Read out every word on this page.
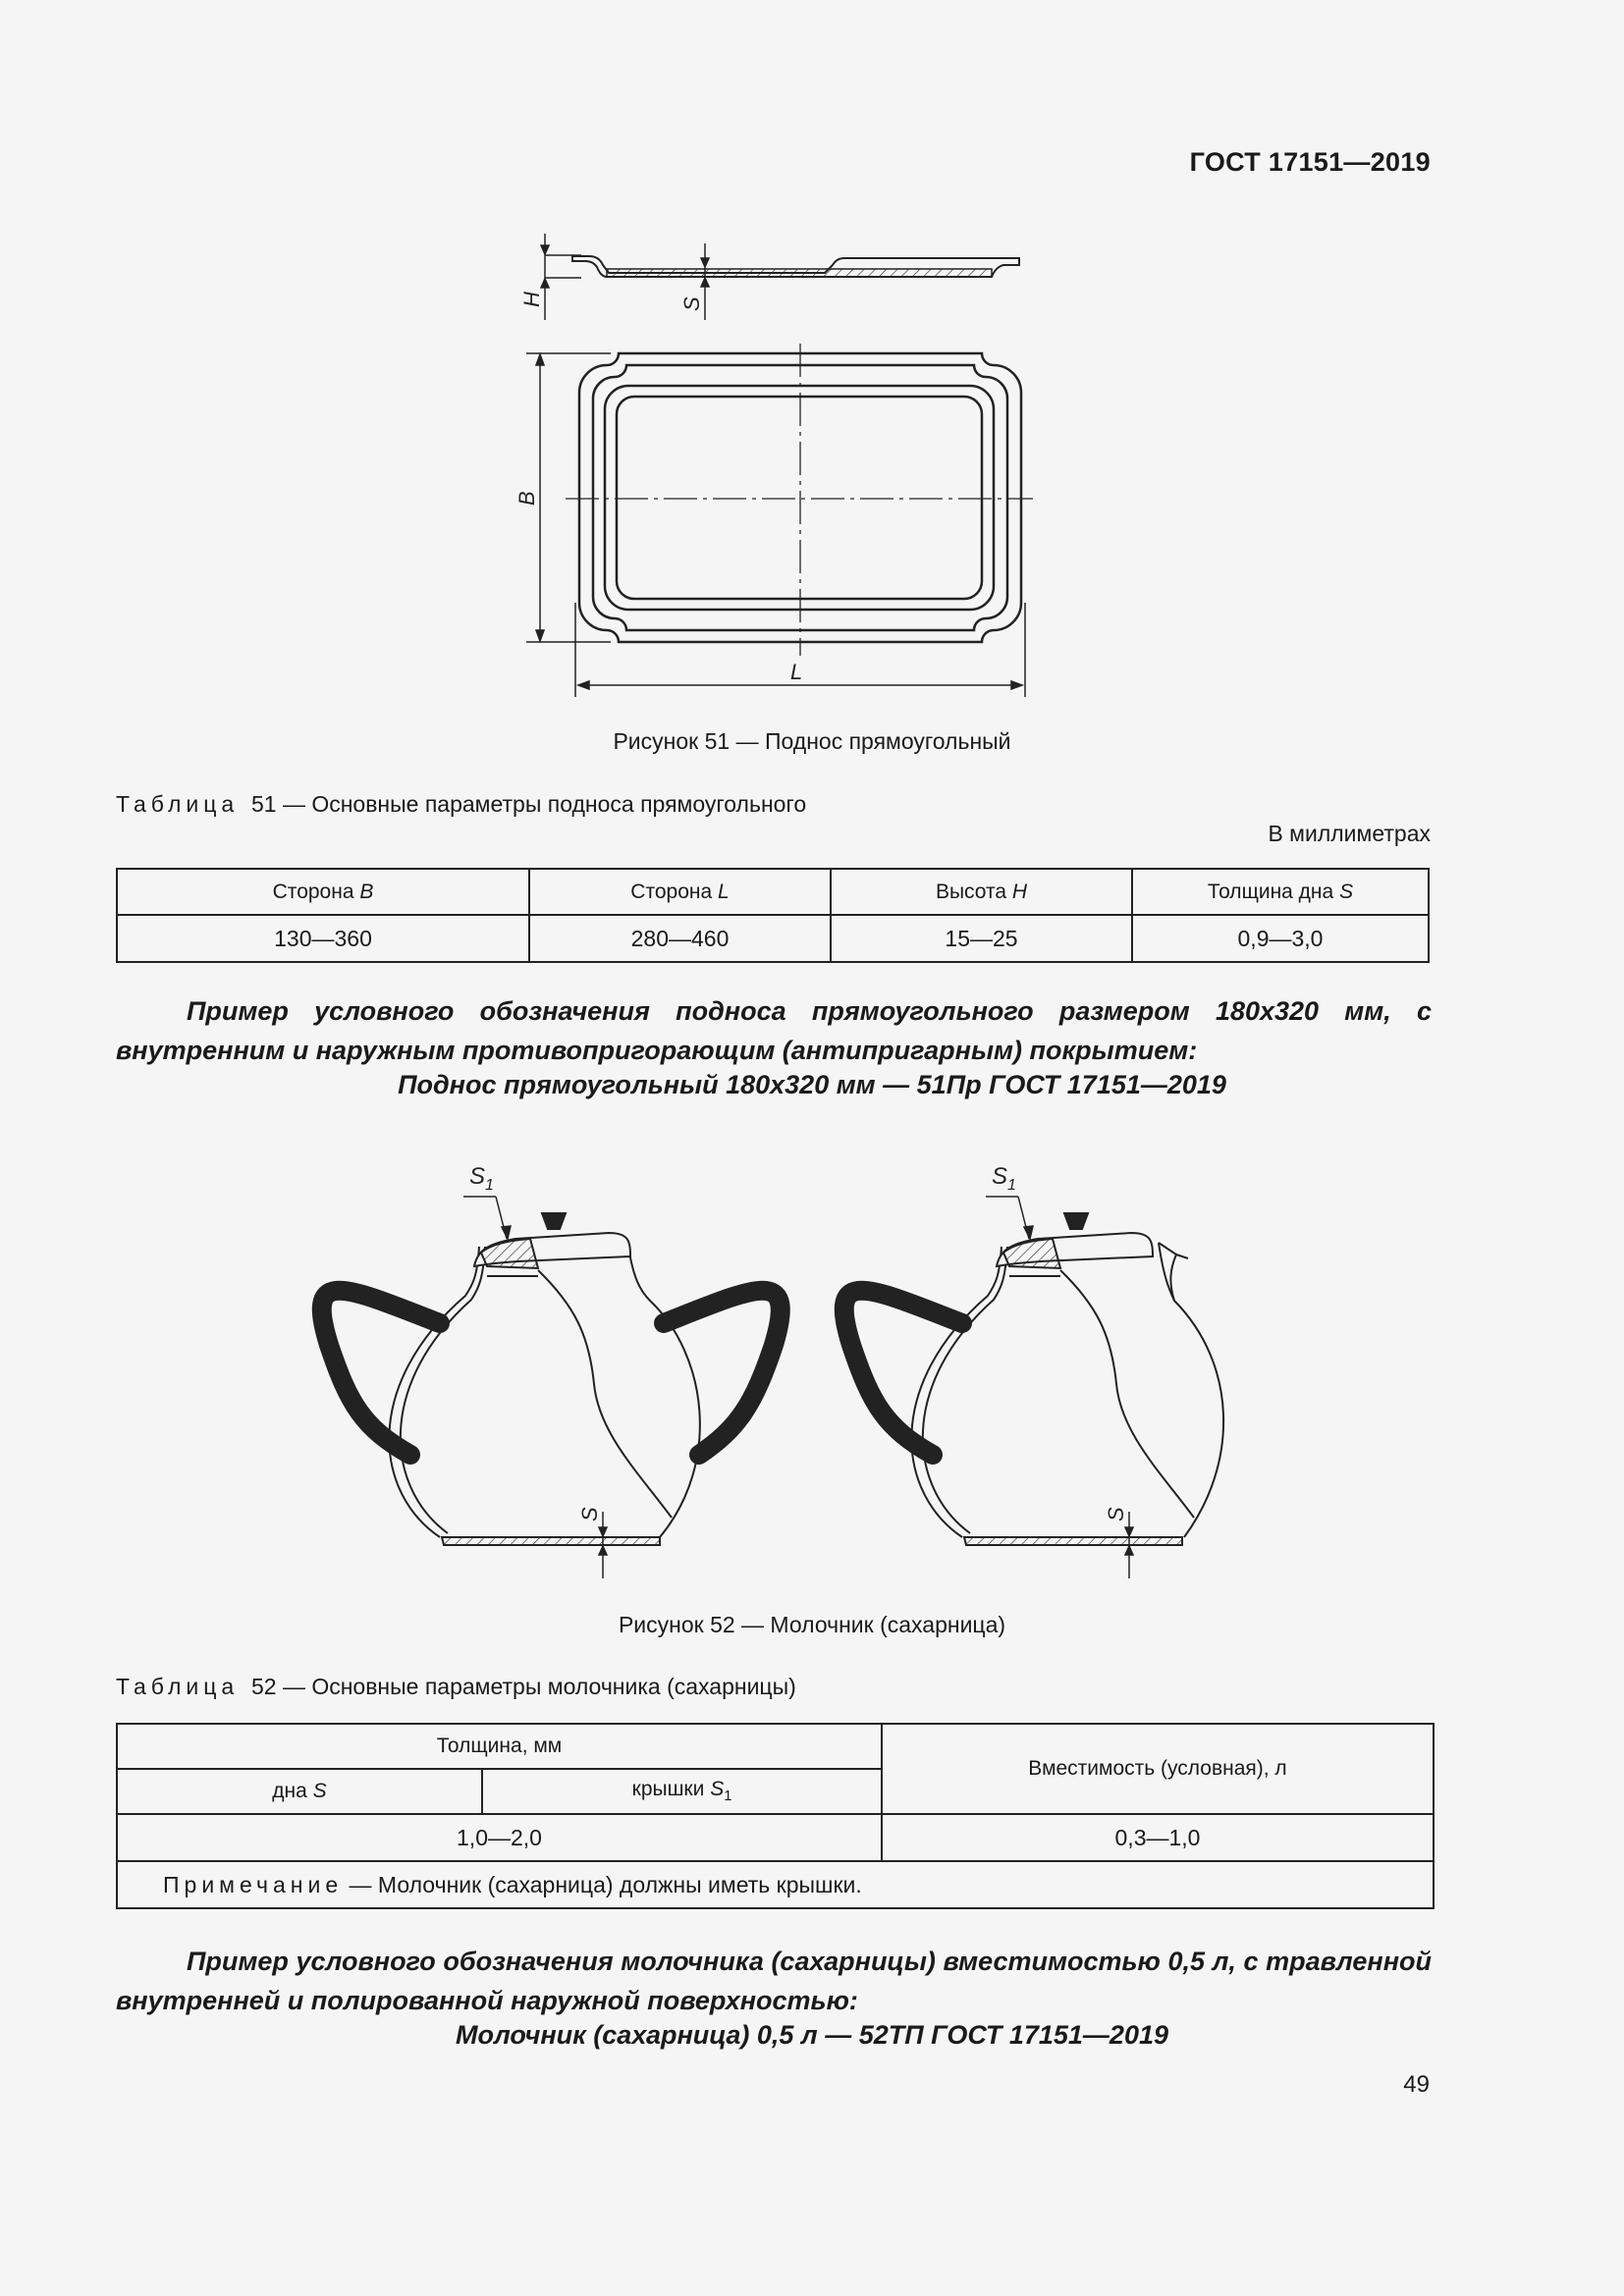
ГОСТ 17151—2019
H	S
B
L
Рисунок 51 — Поднос прямоугольный
Таблица 51 — Основные параметры подноса прямоугольного
В миллиметрах
Сторона B	Сторона L	Высота H	Толщина дна S
130—360	280—460	15—25	0,9—3,0
Пример условного обозначения подноса прямоугольного размером 180х320 мм, с внутренним и наружным противопригорающим (антипригарным) покрытием:
Поднос прямоугольный 180х320 мм — 51Пр ГОСТ 17151—2019
$S_1$
S
$S_1$
S
Рисунок 52 — Молочник (сахарница)
Таблица 52 — Основные параметры молочника (сахарницы)
Толщина, мм		Вместимость (условная), л
дна S	крышки $S_1$
1,0—2,0		0,3—1,0
Примечание — Молочник (сахарница) должны иметь крышки.		
Пример условного обозначения молочника (сахарницы) вместимостью 0,5 л, с травленной внутренней и полированной наружной поверхностью:
Молочник (сахарница) 0,5 л — 52ТП ГОСТ 17151—2019
49
